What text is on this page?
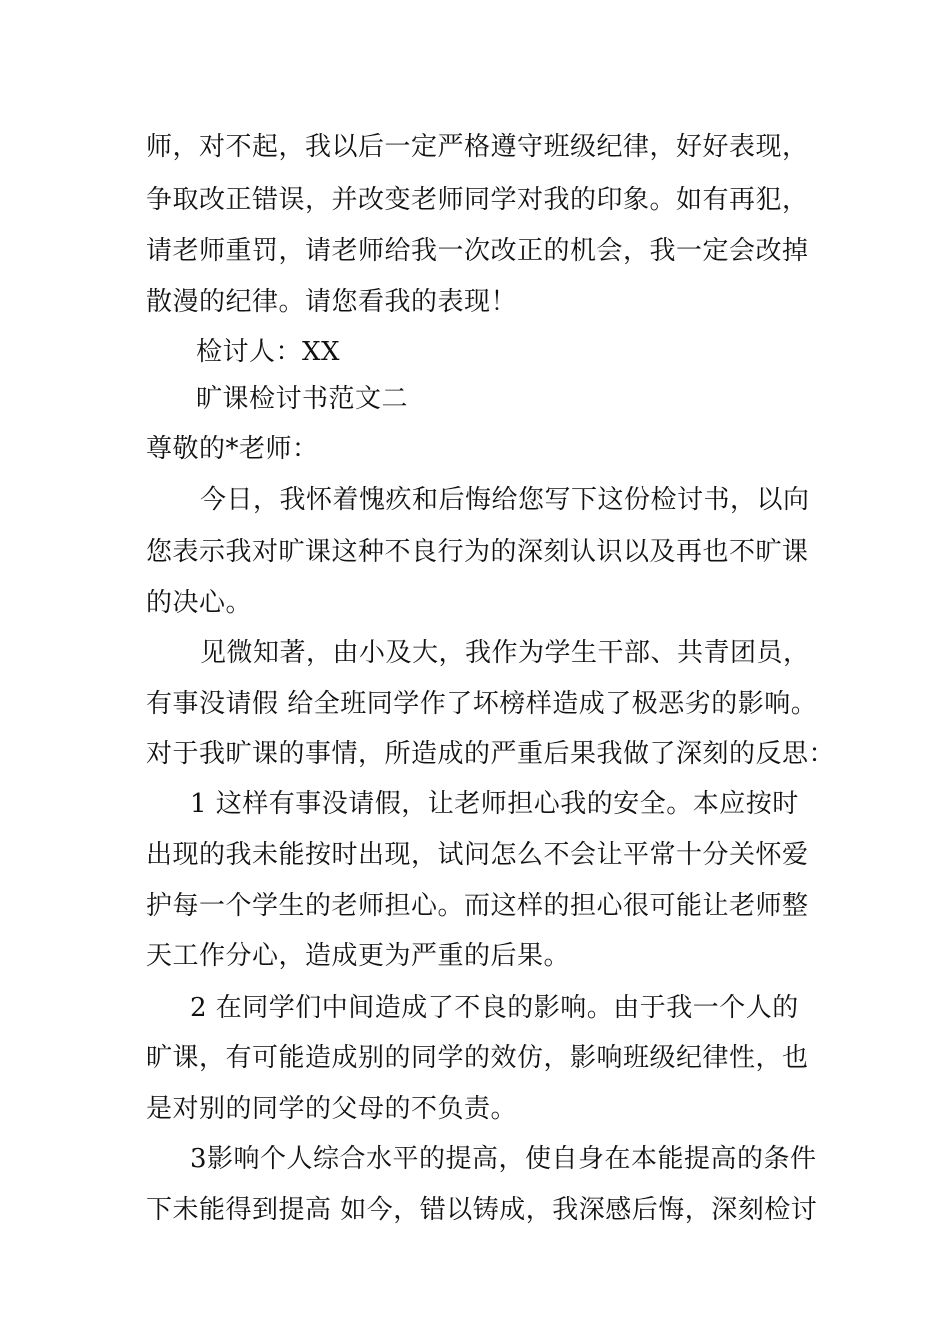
师，对不起，我以后一定严格遵守班级纪律，好好表现，
争取改正错误，并改变老师同学对我的印象。如有再犯，
请老师重罚，请老师给我一次改正的机会，我一定会改掉
散漫的纪律。请您看我的表现！
检讨人：XX
旷课检讨书范文二
尊敬的*老师：
今日，我怀着愧疚和后悔给您写下这份检讨书，以向
您表示我对旷课这种不良行为的深刻认识以及再也不旷课
的决心。
见微知著，由小及大，我作为学生干部、共青团员，
有事没请假 给全班同学作了坏榜样造成了极恶劣的影响。
对于我旷课的事情，所造成的严重后果我做了深刻的反思：
1 这样有事没请假，让老师担心我的安全。本应按时
出现的我未能按时出现，试问怎么不会让平常十分关怀爱
护每一个学生的老师担心。而这样的担心很可能让老师整
天工作分心，造成更为严重的后果。
2 在同学们中间造成了不良的影响。由于我一个人的
旷课，有可能造成别的同学的效仿，影响班级纪律性，也
是对别的同学的父母的不负责。
3影响个人综合水平的提高，使自身在本能提高的条件
下未能得到提高 如今，错以铸成，我深感后悔，深刻检讨
